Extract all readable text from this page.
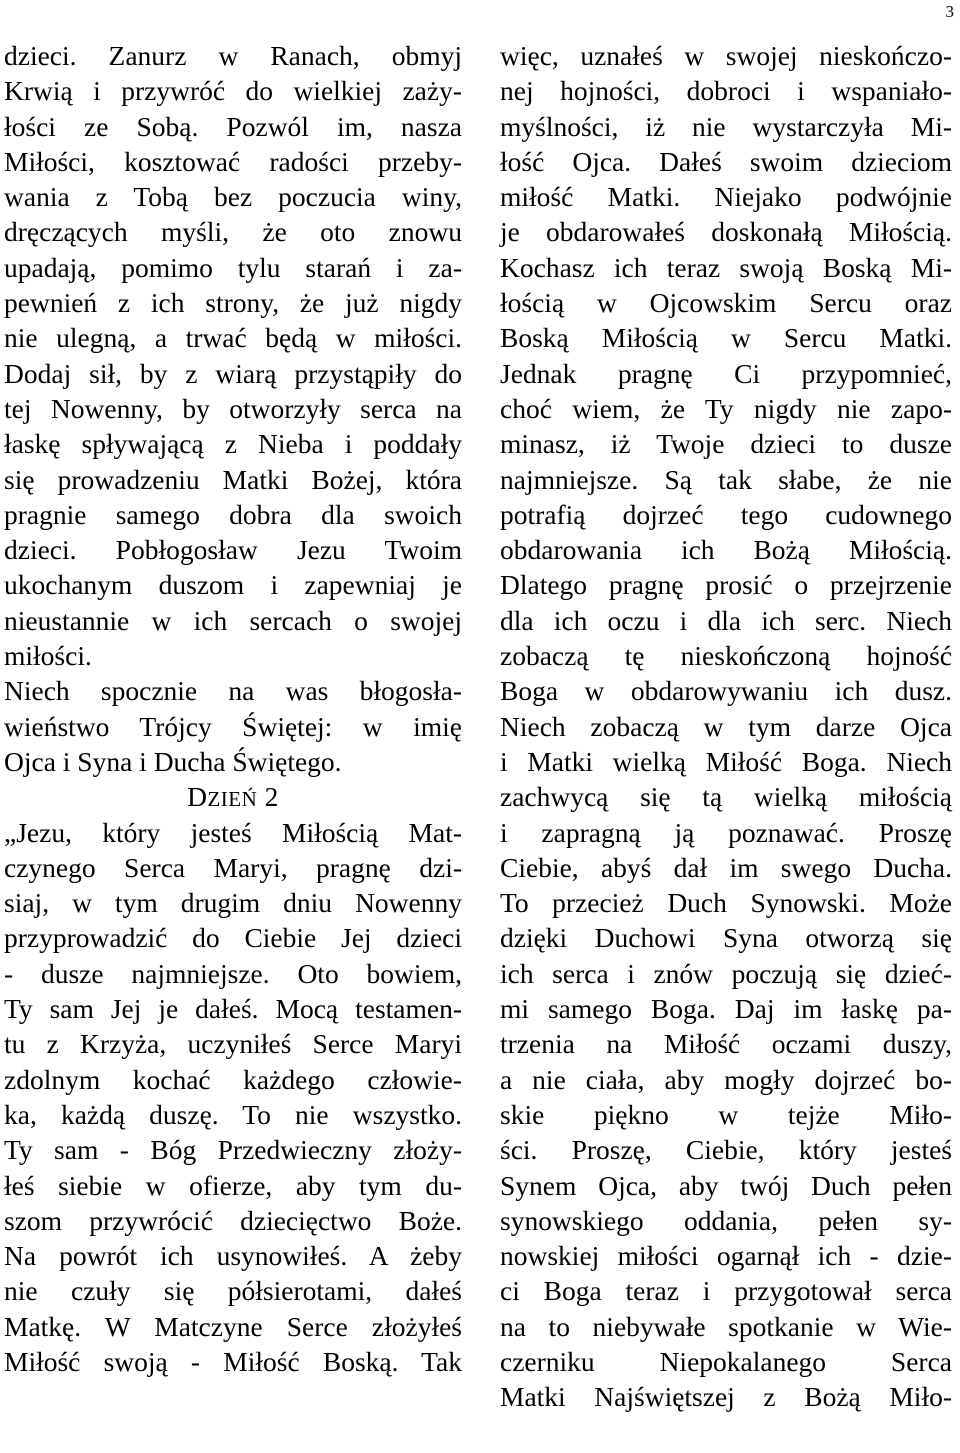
3
dzieci. Zanurz w Ranach, obmyj
Krwią i przywróć do wielkiej zaży-
łości ze Sobą. Pozwól im, nasza
Miłości, kosztować radości przeby-
wania z Tobą bez poczucia winy,
dręczących myśli, że oto znowu
upadają, pomimo tylu starań i za-
pewnień z ich strony, że już nigdy
nie ulegną, a trwać będą w miłości.
Dodaj sił, by z wiarą przystąpiły do
tej Nowenny, by otworzyły serca na
łaskę spływającą z Nieba i poddały
się prowadzeniu Matki Bożej, która
pragnie samego dobra dla swoich
dzieci. Pobłogosław Jezu Twoim
ukochanym duszom i zapewniaj je
nieustannie w ich sercach o swojej
miłości.
Niech spocznie na was błogosła-
wieństwo Trójcy Świętej: w imię
Ojca i Syna i Ducha Świętego.
DZIEŃ 2
„Jezu, który jesteś Miłością Mat-
czynego Serca Maryi, pragnę dzi-
siaj, w tym drugim dniu Nowenny
przyprowadzić do Ciebie Jej dzieci
- dusze najmniejsze. Oto bowiem,
Ty sam Jej je dałeś. Mocą testamen-
tu z Krzyża, uczyniłeś Serce Maryi
zdolnym kochać każdego człowie-
ka, każdą duszę. To nie wszystko.
Ty sam - Bóg Przedwieczny złoży-
łeś siebie w ofierze, aby tym du-
szom przywrócić dziecięctwo Boże.
Na powrót ich usynowiłeś. A żeby
nie czuły się półsierotami, dałeś
Matkę. W Matczyne Serce złożyłeś
Miłość swoją - Miłość Boską. Tak
więc, uznałeś w swojej nieskończo-
nej hojności, dobroci i wspaniało-
myślności, iż nie wystarczyła Mi-
łość Ojca. Dałeś swoim dzieciom
miłość Matki. Niejako podwójnie
je obdarowałeś doskonałą Miłością.
Kochasz ich teraz swoją Boską Mi-
łością w Ojcowskim Sercu oraz
Boską Miłością w Sercu Matki.
Jednak pragnę Ci przypomnieć,
choć wiem, że Ty nigdy nie zapo-
minasz, iż Twoje dzieci to dusze
najmniejsze. Są tak słabe, że nie
potrafią dojrzeć tego cudownego
obdarowania ich Bożą Miłością.
Dlatego pragnę prosić o przejrzenie
dla ich oczu i dla ich serc. Niech
zobaczą tę nieskończoną hojność
Boga w obdarowywaniu ich dusz.
Niech zobaczą w tym darze Ojca
i Matki wielką Miłość Boga. Niech
zachwycą się tą wielką miłością
i zapragną ją poznawać. Proszę
Ciebie, abyś dał im swego Ducha.
To przecież Duch Synowski. Może
dzięki Duchowi Syna otworzą się
ich serca i znów poczują się dzieć-
mi samego Boga. Daj im łaskę pa-
trzenia na Miłość oczami duszy,
a nie ciała, aby mogły dojrzeć bo-
skie piękno w tejże Miło-
ści. Proszę, Ciebie, który jesteś
Synem Ojca, aby twój Duch pełen
synowskiego oddania, pełen sy-
nowskiej miłości ogarnął ich - dzie-
ci Boga teraz i przygotował serca
na to niebywałe spotkanie w Wie-
czerniku Niepokalanego Serca
Matki Najświętszej z Bożą Miło-
